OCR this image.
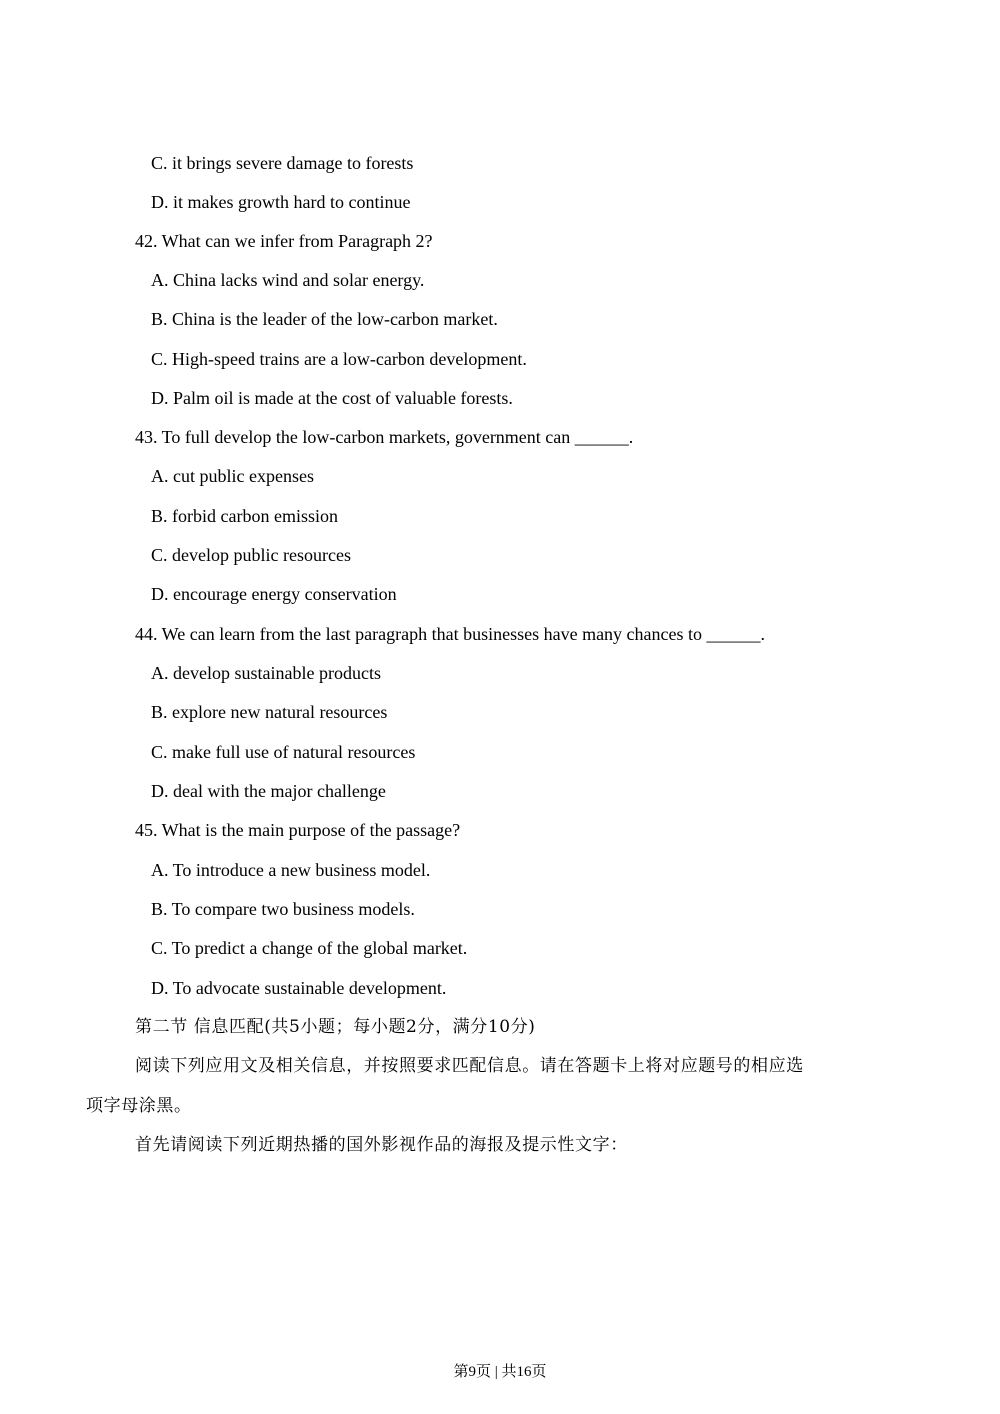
C. it brings severe damage to forests
D. it makes growth hard to continue
42. What can we infer from Paragraph 2?
A. China lacks wind and solar energy.
B. China is the leader of the low-carbon market.
C. High-speed trains are a low-carbon development.
D. Palm oil is made at the cost of valuable forests.
43. To full develop the low-carbon markets, government can ______.
A. cut public expenses
B. forbid carbon emission
C. develop public resources
D. encourage energy conservation
44. We can learn from the last paragraph that businesses have many chances to ______.
A. develop sustainable products
B. explore new natural resources
C. make full use of natural resources
D. deal with the major challenge
45. What is the main purpose of the passage?
A. To introduce a new business model.
B. To compare two business models.
C. To predict a change of the global market.
D. To advocate sustainable development.
第二节 信息匹配(共5小题；每小题2分，满分10分)
阅读下列应用文及相关信息，并按照要求匹配信息。请在答题卡上将对应题号的相应选
项字母涂黑。
首先请阅读下列近期热播的国外影视作品的海报及提示性文字：
第9页 | 共16页
